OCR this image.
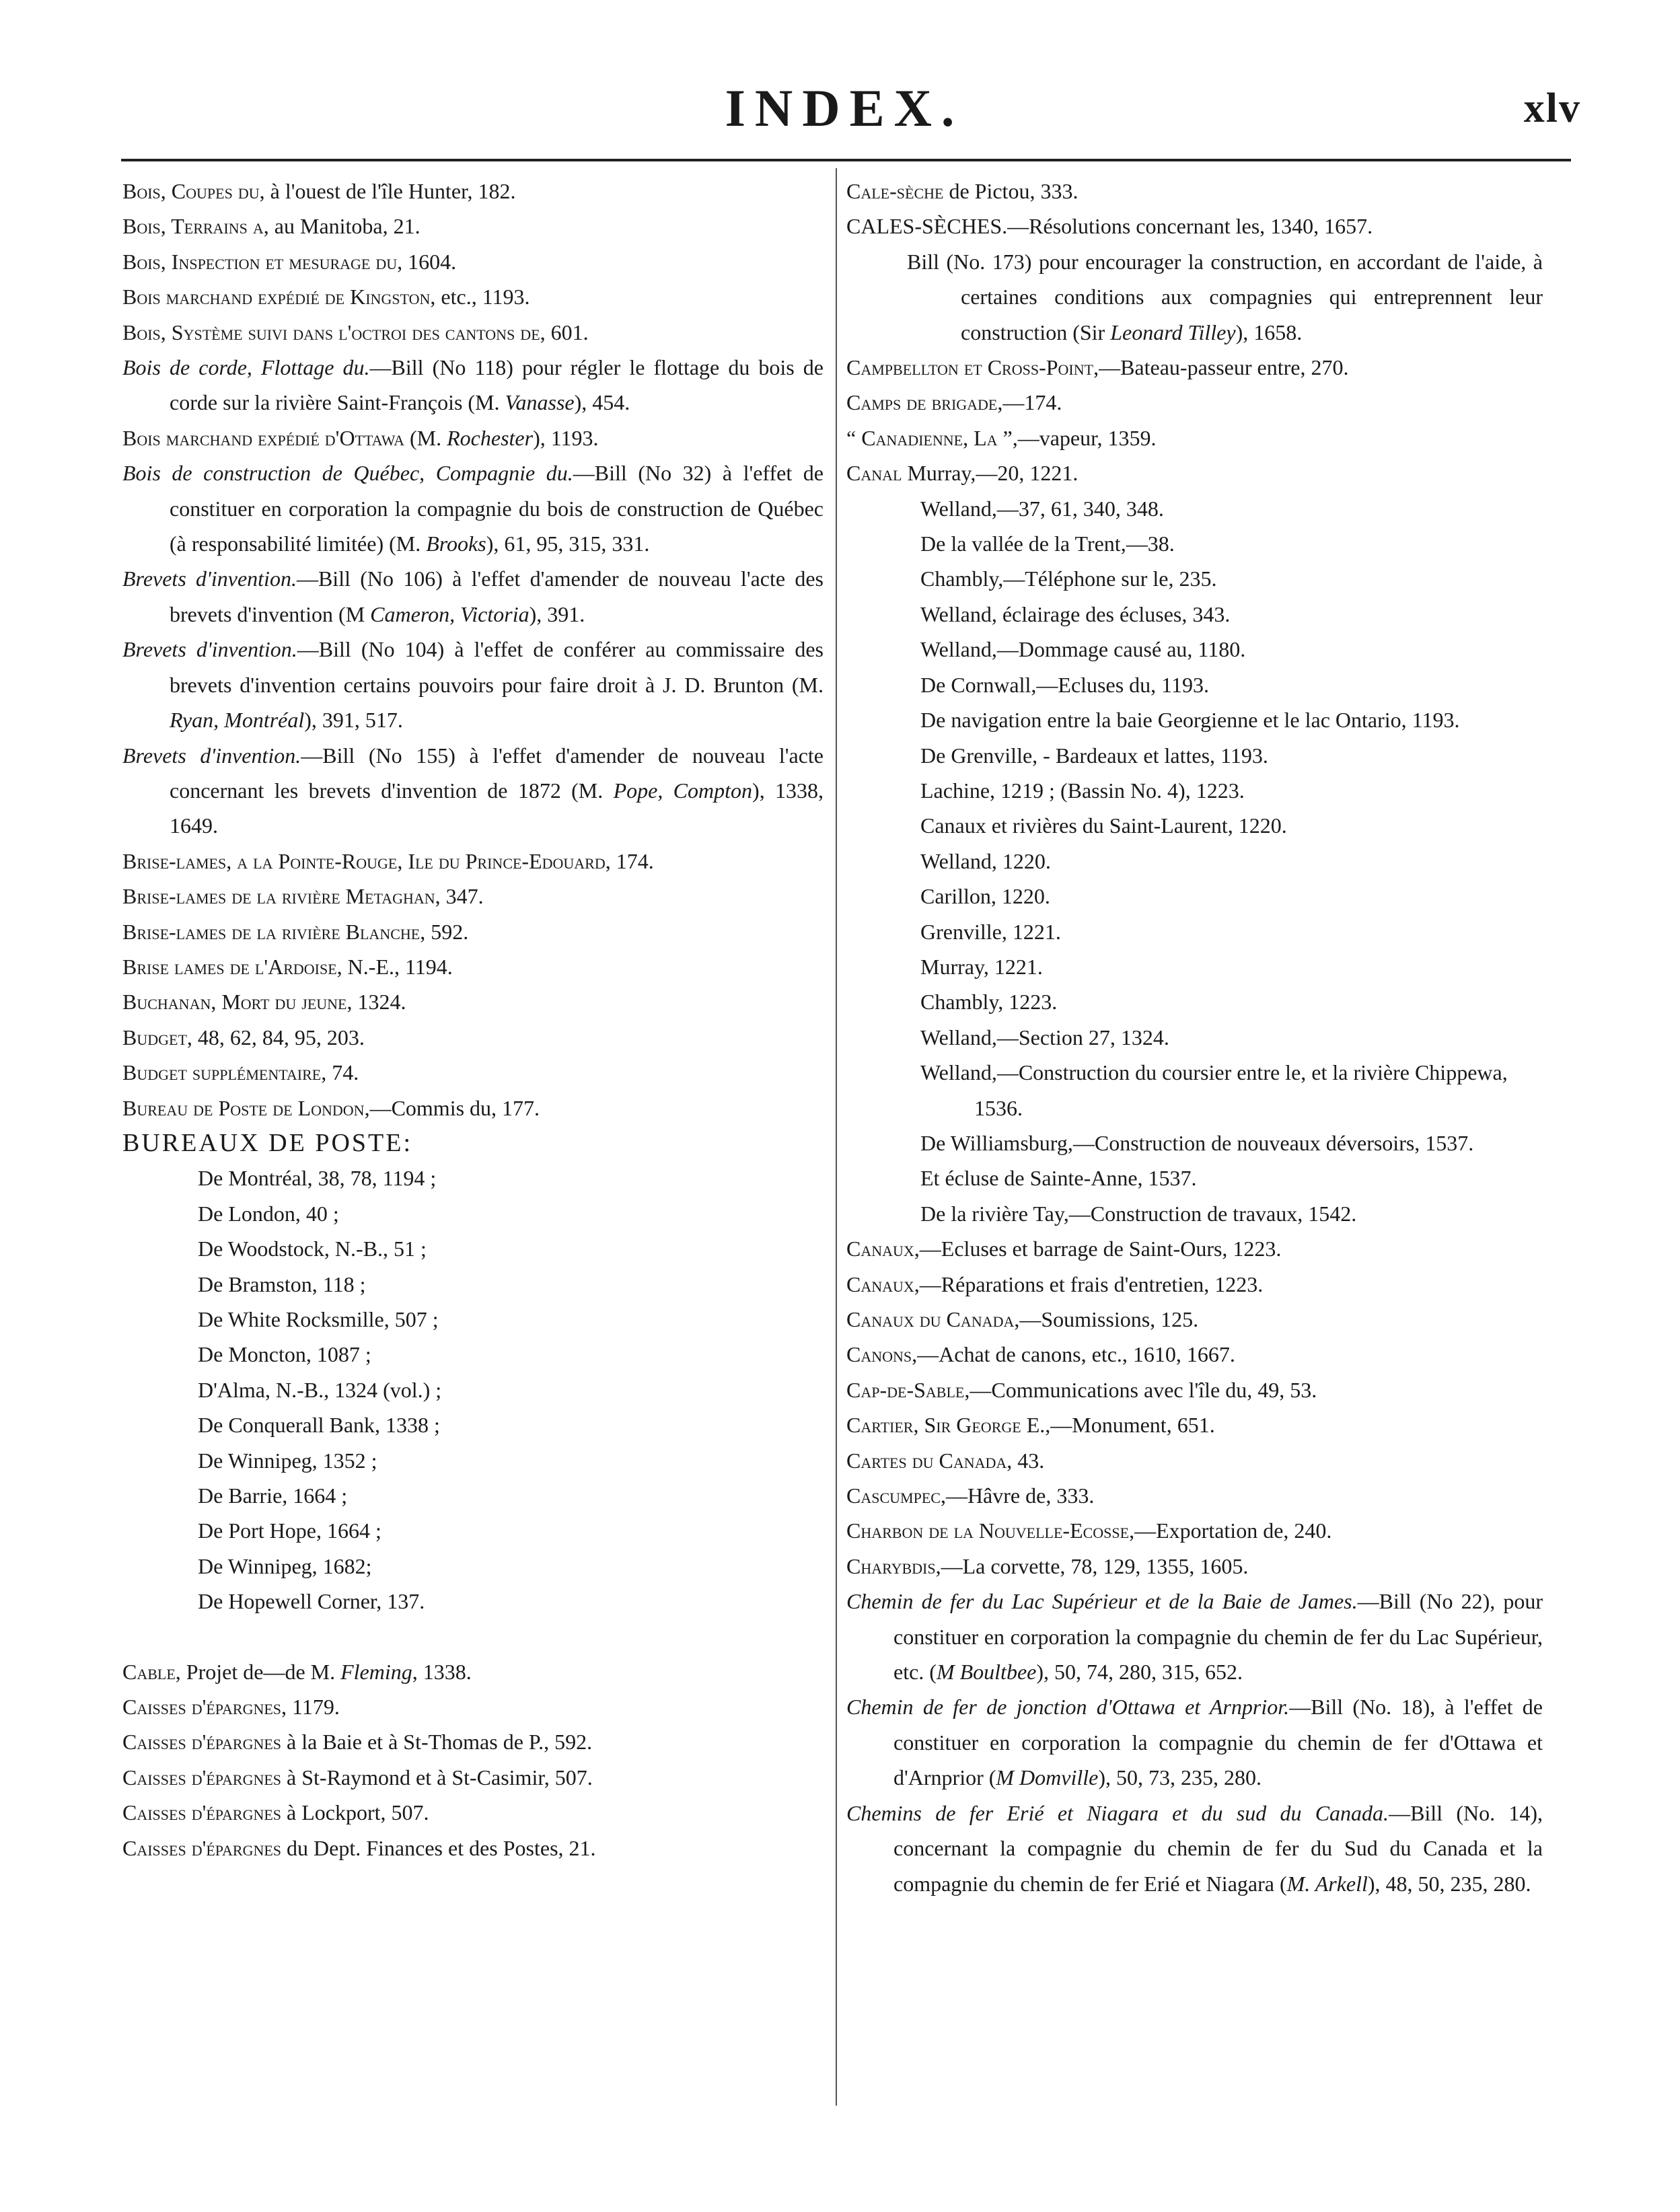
INDEX.	xlv
Bois, Coupes du, à l'ouest de l'île Hunter, 182.
Bois, Terrains a, au Manitoba, 21.
Bois, Inspection et mesurage du, 1604.
Bois marchand expédié de Kingston, etc., 1193.
Bois, Système suivi dans l'octroi des cantons de, 601.
Bois de corde, Flottage du.—Bill (No 118) pour régler le flottage du bois de corde sur la rivière Saint-François (M. Vanasse), 454.
Bois marchand expédié d'Ottawa (M. Rochester), 1193.
Bois de construction de Québec, Compagnie du.—Bill (No 32) à l'effet de constituer en corporation la compagnie du bois de construction de Québec (à responsabilité limitée) (M. Brooks), 61, 95, 315, 331.
Brevets d'invention.—Bill (No 106) à l'effet d'amender de nouveau l'acte des brevets d'invention (M Cameron, Victoria), 391.
Brevets d'invention.—Bill (No 104) à l'effet de conférer au commissaire des brevets d'invention certains pouvoirs pour faire droit à J. D. Brunton (M. Ryan, Montréal), 391, 517.
Brevets d'invention.—Bill (No 155) à l'effet d'amender de nouveau l'acte concernant les brevets d'invention de 1872 (M. Pope, Compton), 1338, 1649.
Brise-lames, a la Pointe-Rouge, Ile du Prince-Edouard, 174.
Brise-lames de la rivière Metaghan, 347.
Brise-lames de la rivière Blanche, 592.
Brise lames de l'Ardoise, N.-E., 1194.
Buchanan, Mort du jeune, 1324.
Budget, 48, 62, 84, 95, 203.
Budget supplémentaire, 74.
Bureau de Poste de London,—Commis du, 177.
BUREAUX DE POSTE:
De Montréal, 38, 78, 1194 ;
De London, 40 ;
De Woodstock, N.-B., 51 ;
De Bramston, 118 ;
De White Rocksmille, 507 ;
De Moncton, 1087 ;
D'Alma, N.-B., 1324 (vol.) ;
De Conquerall Bank, 1338 ;
De Winnipeg, 1352 ;
De Barrie, 1664 ;
De Port Hope, 1664 ;
De Winnipeg, 1682;
De Hopewell Corner, 137.
Cable, Projet de—de M. Fleming, 1338.
Caisses d'épargnes, 1179.
Caisses d'épargnes à la Baie et à St-Thomas de P., 592.
Caisses d'épargnes à St-Raymond et à St-Casimir, 507.
Caisses d'épargnes à Lockport, 507.
Caisses d'épargnes du Dept. Finances et des Postes, 21.
Cale-sèche de Pictou, 333.
CALES-SÈCHES.—Résolutions concernant les, 1340, 1657.
Bill (No. 173) pour encourager la construction, en accordant de l'aide, à certaines conditions aux compagnies qui entreprennent leur construction (Sir Leonard Tilley), 1658.
Campbellton et Cross-Point,—Bateau-passeur entre, 270.
Camps de brigade,—174.
“ Canadienne, La ”,—vapeur, 1359.
Canal Murray,—20, 1221.
Welland,—37, 61, 340, 348.
De la vallée de la Trent,—38.
Chambly,—Téléphone sur le, 235.
Welland, éclairage des écluses, 343.
Welland,—Dommage causé au, 1180.
De Cornwall,—Ecluses du, 1193.
De navigation entre la baie Georgienne et le lac Ontario, 1193.
De Grenville, - Bardeaux et lattes, 1193.
Lachine, 1219 ; (Bassin No. 4), 1223.
Canaux et rivières du Saint-Laurent, 1220.
Welland, 1220.
Carillon, 1220.
Grenville, 1221.
Murray, 1221.
Chambly, 1223.
Welland,—Section 27, 1324.
Welland,—Construction du coursier entre le, et la rivière Chippewa, 1536.
De Williamsburg,—Construction de nouveaux déversoirs, 1537.
Et écluse de Sainte-Anne, 1537.
De la rivière Tay,—Construction de travaux, 1542.
Canaux,—Ecluses et barrage de Saint-Ours, 1223.
Canaux,—Réparations et frais d'entretien, 1223.
Canaux du Canada,—Soumissions, 125.
Canons,—Achat de canons, etc., 1610, 1667.
Cap-de-Sable,—Communications avec l'île du, 49, 53.
Cartier, Sir George E.,—Monument, 651.
Cartes du Canada, 43.
Cascumpec,—Hâvre de, 333.
Charbon de la Nouvelle-Ecosse,—Exportation de, 240.
Charybdis,—La corvette, 78, 129, 1355, 1605.
Chemin de fer du Lac Supérieur et de la Baie de James.—Bill (No 22), pour constituer en corporation la compagnie du chemin de fer du Lac Supérieur, etc. (M Boultbee), 50, 74, 280, 315, 652.
Chemin de fer de jonction d'Ottawa et Arnprior.—Bill (No. 18), à l'effet de constituer en corporation la compagnie du chemin de fer d'Ottawa et d'Arnprior (M Domville), 50, 73, 235, 280.
Chemins de fer Erié et Niagara et du sud du Canada.—Bill (No. 14), concernant la compagnie du chemin de fer du Sud du Canada et la compagnie du chemin de fer Erié et Niagara (M. Arkell), 48, 50, 235, 280.
